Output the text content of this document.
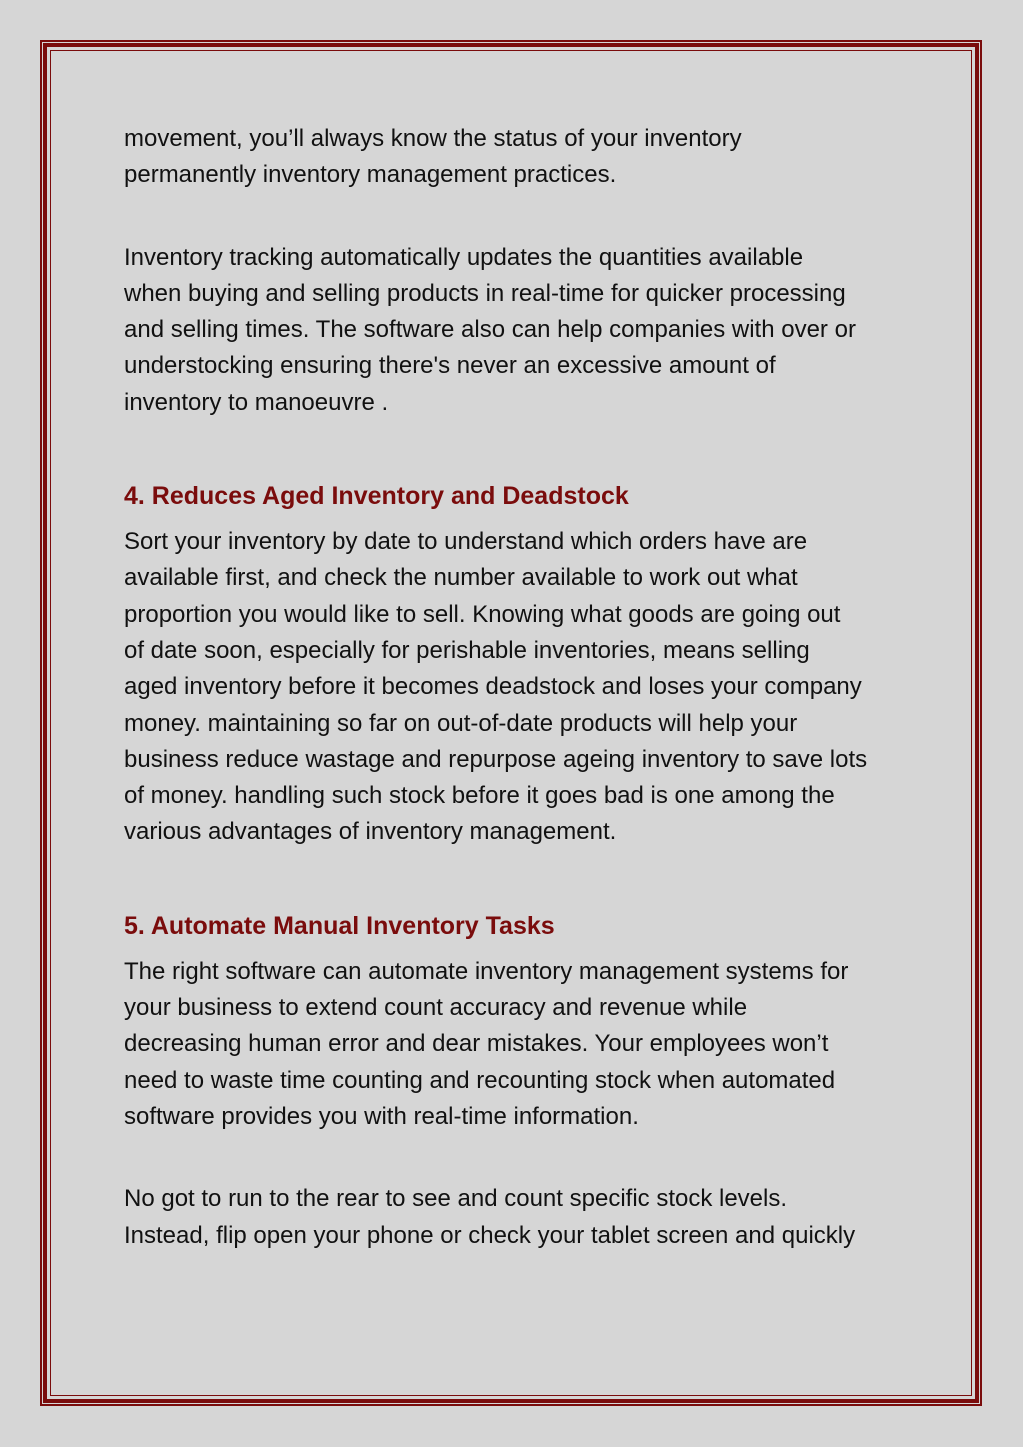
movement, you’ll always know the status of your inventory
permanently inventory management practices.

Inventory tracking automatically updates the quantities available
when buying and selling products in real-time for quicker processing
and selling times. The software also can help companies with over or
understocking ensuring there's never an excessive amount of
inventory to manoeuvre .

4. Reduces Aged Inventory and Deadstock

Sort your inventory by date to understand which orders have are
available first, and check the number available to work out what
proportion you would like to sell. Knowing what goods are going out
of date soon, especially for perishable inventories, means selling
aged inventory before it becomes deadstock and loses your company
money. maintaining so far on out-of-date products will help your
business reduce wastage and repurpose ageing inventory to save lots
of money. handling such stock before it goes bad is one among the
various advantages of inventory management.

5. Automate Manual Inventory Tasks

The right software can automate inventory management systems for
your business to extend count accuracy and revenue while
decreasing human error and dear mistakes. Your employees won’t
need to waste time counting and recounting stock when automated
software provides you with real-time information.

No got to run to the rear to see and count specific stock levels.
Instead, flip open your phone or check your tablet screen and quickly
